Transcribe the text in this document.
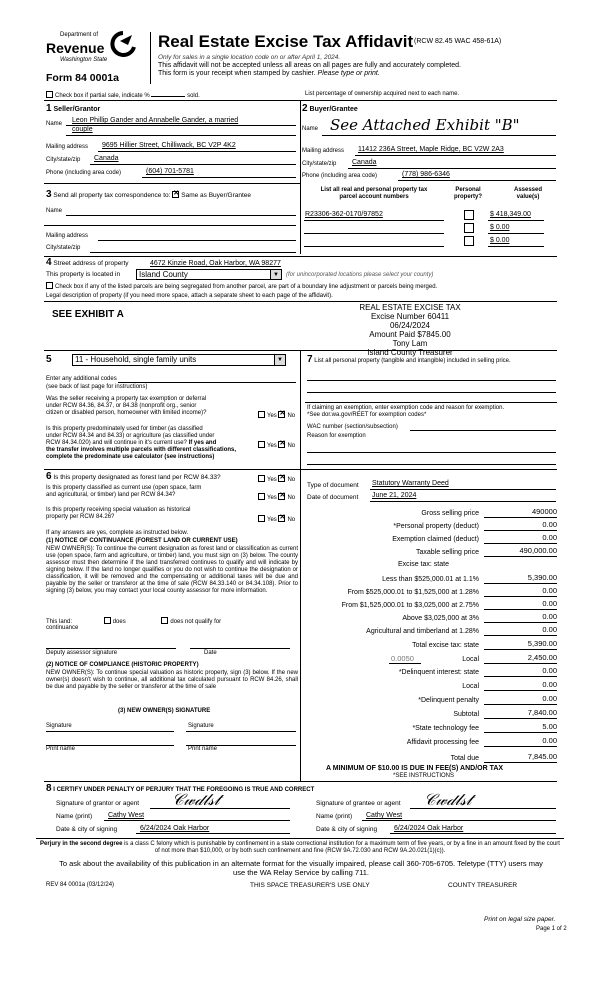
Department of
Revenue
Washington State
Form 84 0001a
Real Estate Excise Tax Affidavit (RCW 82.45 WAC 458-61A)
Only for sales in a single location code on or after April 1, 2024.
This affidavit will not be accepted unless all areas on all pages are fully and accurately completed.
This form is your receipt when stamped by cashier. Please type or print.
Check box if partial sale, indicate %	sold.	List percentage of ownership acquired next to each name.
1 Seller/Grantor
Name Leon Phillip Gander and Annabelle Gander, a married
couple
Mailing address 9695 Hillier Street, Chilliwack, BC V2P 4K2
City/state/zip Canada
Phone (including area code)	(604) 701-5781
2 Buyer/Grantee
Name See Attached Exhibit "B"
Mailing address 11412 236A Street, Maple Ridge, BC V2W 2A3
City/state/zip Canada
Phone (including area code)	(778) 986-6346
3 Send all property tax correspondence to: ✕ Same as Buyer/Grantee
Name
Mailing address
City/state/zip
List all real and personal property tax
parcel account numbers
Personal
property?
Assessed
value(s)
R23306-362-0170/97852	$ 418,349.00
$ 0.00
$ 0.00
4 Street address of property	4672 Kinzie Road, Oak Harbor, WA 98277
This property is located in	Island County	▼	(for unincorporated locations please select your county)
Check box if any of the listed parcels are being segregated from another parcel, are part of a boundary line adjustment or parcels being merged.
Legal description of property (if you need more space, attach a separate sheet to each page of the affidavit).
SEE EXHIBIT A
REAL ESTATE EXCISE TAX
Excise Number 60411
06/24/2024
Amount Paid $7845.00
Tony Lam
Island County Treasurer
5	11 - Household, single family units	▼
Enter any additional codes
(see back of last page for instructions)
Was the seller receiving a property tax exemption or deferral
under RCW 84.36, 84.37, or 84.38 (nonprofit org., senior
citizen or disabled person, homeowner with limited income)?	Yes ✕ No
Is this property predominately used for timber (as classified
under RCW 84.34 and 84.33) or agriculture (as classified under
RCW 84.34.020) and will continue in it's current use? If yes and
the transfer involves multiple parcels with different classifications,
complete the predominate use calculator (see instructions)
Yes ✕ No
7 List all personal property (tangible and intangible) included in selling price.
If claiming an exemption, enter exemption code and reason for exemption.
*See dor.wa.gov/REET for exemption codes*
WAC number (section/subsection)
Reason for exemption
6 Is this property designated as forest land per RCW 84.33?	Yes ✕ No
Is this property classified as current use (open space, farm
and agricultural, or timber) land per RCW 84.34?	Yes ✕ No
Is this property receiving special valuation as historical
property per RCW 84.26?	Yes ✕ No
If any answers are yes, complete as instructed below.
(1) NOTICE OF CONTINUANCE (FOREST LAND OR CURRENT USE)
NEW OWNER(S): To continue the current designation as forest land or classification as current use (open space, farm and agriculture, or timber) land, you must sign on (3) below. The county assessor must then determine if the land transferred continues to qualify and will indicate by signing below. If the land no longer qualifies or you do not wish to continue the designation or classification, it will be removed and the compensating or additional taxes will be due and payable by the seller or transferor at the time of sale (RCW 84.33.140 or 84.34.108). Prior to signing (3) below, you may contact your local county assessor for more information.
This land:	does	does not qualify for
continuance
Deputy assessor signature	Date
(2) NOTICE OF COMPLIANCE (HISTORIC PROPERTY)
NEW OWNER(S): To continue special valuation as historic property, sign (3) below. If the new owner(s) doesn't wish to continue, all additional tax calculated pursuant to RCW 84.26, shall be due and payable by the seller or transferor at the time of sale
(3) NEW OWNER(S) SIGNATURE
Signature	Signature
Print name	Print name
Type of document Statutory Warranty Deed
Date of document June 21, 2024
Gross selling price	490000
*Personal property (deduct)	0.00
Exemption claimed (deduct)	0.00
Taxable selling price	490,000.00
Excise tax: state
Less than $525,000.01 at 1.1%	5,390.00
From $525,000.01 to $1,525,000 at 1.28%	0.00
From $1,525,000.01 to $3,025,000 at 2.75%	0.00
Above $3,025,000 at 3%	0.00
Agricultural and timberland at 1.28%	0.00
Total excise tax: state	5,390.00
0.0050	Local	2,450.00
*Delinquent interest: state	0.00
Local	0.00
*Delinquent penalty	0.00
Subtotal	7,840.00
*State technology fee	5.00
Affidavit processing fee	0.00
Total due	7,845.00
A MINIMUM OF $10.00 IS DUE IN FEE(S) AND/OR TAX
*SEE INSTRUCTIONS
8 I CERTIFY UNDER PENALTY OF PERJURY THAT THE FOREGOING IS TRUE AND CORRECT
Signature of grantor or agent 𝒞𝓌𝒹𝓁𝓈𝓉	Signature of grantee or agent 𝒞𝓌𝒹𝓁𝓈𝓉
Name (print) Cathy West	Name (print) Cathy West
Date & city of signing	6/24/2024 Oak Harbor	Date & city of signing 6/24/2024 Oak Harbor
Perjury in the second degree is a class C felony which is punishable by confinement in a state correctional institution for a maximum term of five years, or by a fine in an amount fixed by the court of not more than $10,000, or by both such confinement and fine (RCW 9A.72.030 and RCW 9A.20.021(1)(c)).
To ask about the availability of this publication in an alternate format for the visually impaired, please call 360-705-6705. Teletype (TTY) users may use the WA Relay Service by calling 711.
REV 84 0001a (03/12/24)	THIS SPACE TREASURER'S USE ONLY	COUNTY TREASURER
Print on legal size paper.
Page 1 of 2
